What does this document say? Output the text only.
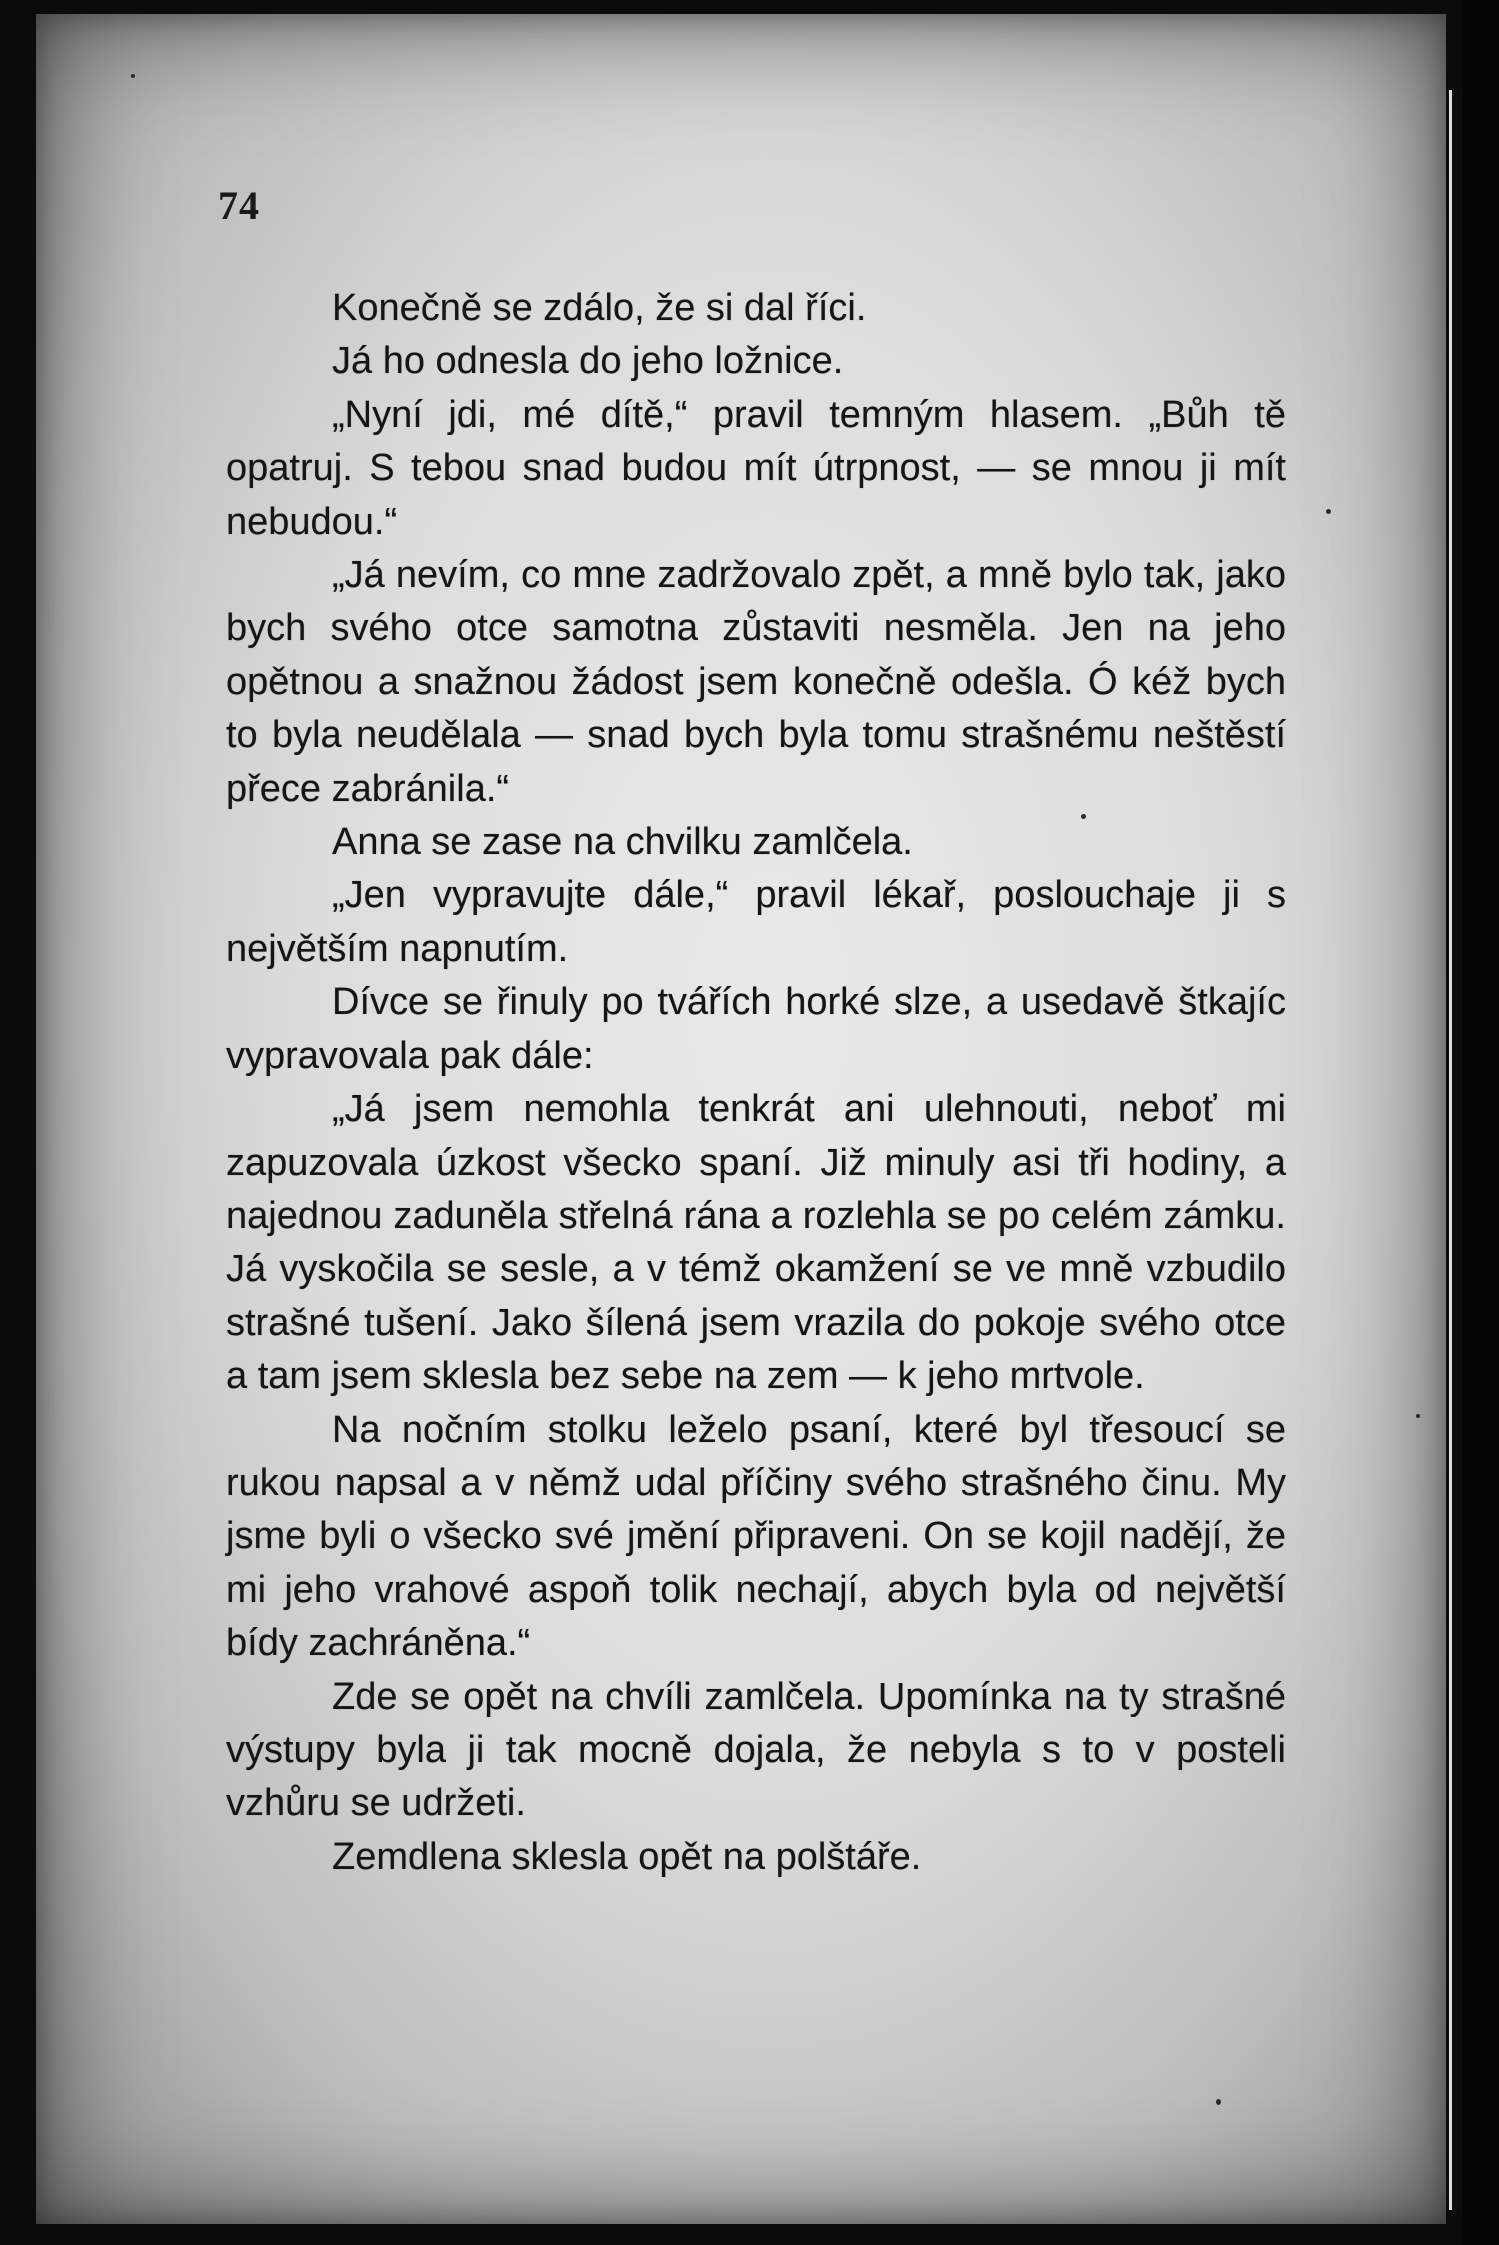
74

Konečně se zdálo, že si dal říci.

Já ho odnesla do jeho ložnice.

„Nyní jdi, mé dítě,“ pravil temným hlasem. „Bůh tě opatruj. S tebou snad budou mít útrpnost, — se mnou ji mít nebudou.“

„Já nevím, co mne zadržovalo zpět, a mně bylo tak, jako bych svého otce samotna zůstaviti nesměla. Jen na jeho opětnou a snažnou žádost jsem konečně odešla. Ó kéž bych to byla neudělala — snad bych byla tomu strašnému neštěstí přece zabránila.“

Anna se zase na chvilku zamlčela.

„Jen vypravujte dále,“ pravil lékař, poslouchaje ji s největším napnutím.

Dívce se řinuly po tvářích horké slze, a usedavě štkajíc vypravovala pak dále:

„Já jsem nemohla tenkrát ani ulehnouti, neboť mi zapuzovala úzkost všecko spaní. Již minuly asi tři hodiny, a najednou zaduněla střelná rána a rozlehla se po celém zámku. Já vyskočila se sesle, a v témž okamžení se ve mně vzbudilo strašné tušení. Jako šílená jsem vrazila do pokoje svého otce a tam jsem sklesla bez sebe na zem — k jeho mrtvole.

Na nočním stolku leželo psaní, které byl třesoucí se rukou napsal a v němž udal příčiny svého strašného činu. My jsme byli o všecko své jmění připraveni. On se kojil nadějí, že mi jeho vrahové aspoň tolik nechají, abych byla od největší bídy zachráněna.“

Zde se opět na chvíli zamlčela. Upomínka na ty strašné výstupy byla ji tak mocně dojala, že nebyla s to v posteli vzhůru se udržeti.

Zemdlena sklesla opět na polštáře.
